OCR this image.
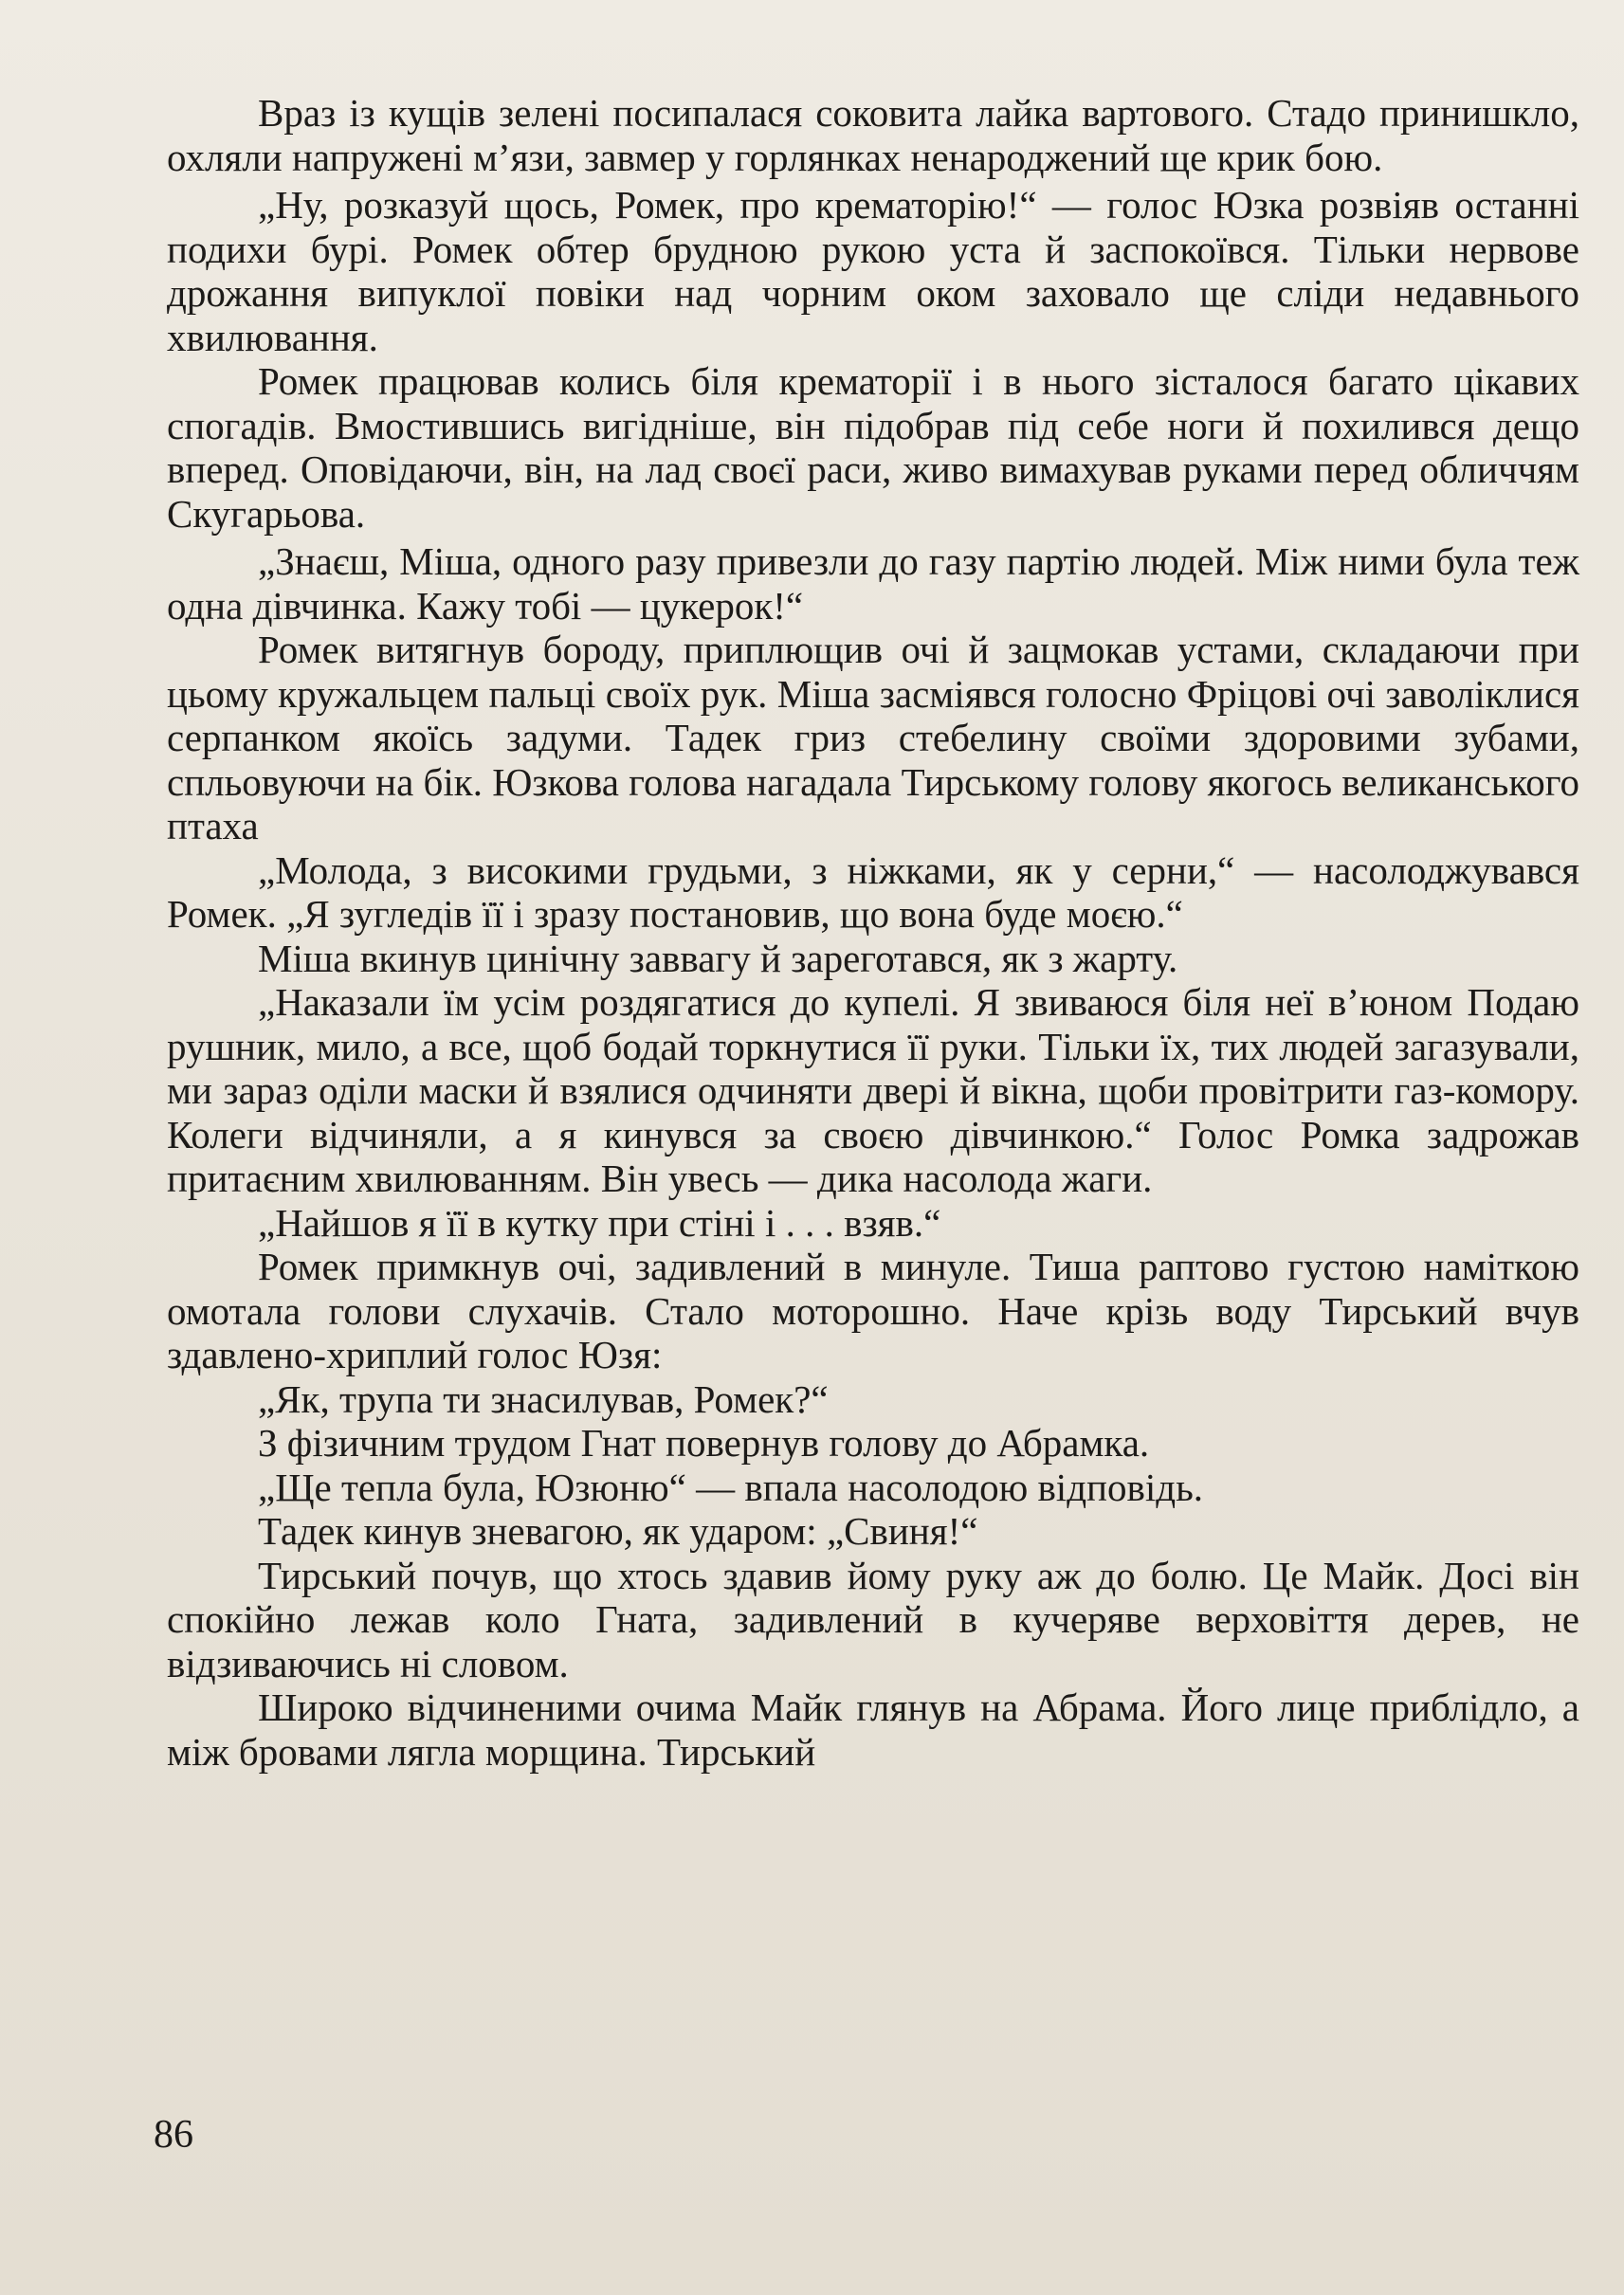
Враз із кущів зелені посипалася соковита лайка вартового. Стадо принишкло, охляли напружені м’язи, завмер у горлянках ненароджений ще крик бою.

„Ну, розказуй щось, Ромек, про крематорію!“ — голос Юзка розвіяв останні подихи бурі. Ромек обтер брудною рукою уста й заспокоївся. Тільки нервове дрожання випуклої повіки над чорним оком заховало ще сліди недавнього хвилювання.

Ромек працював колись біля крематорії і в нього зісталося багато цікавих спогадів. Вмостившись вигідніше, він підобрав під себе ноги й похилився дещо вперед. Оповідаючи, він, на лад своєї раси, живо вимахував руками перед обличчям Скугарьова.

„Знаєш, Міша, одного разу привезли до газу партію людей. Між ними була теж одна дівчинка. Кажу тобі — цукерок!“

Ромек витягнув бороду, приплющив очі й зацмокав устами, складаючи при цьому кружальцем пальці своїх рук. Міша засміявся голосно Фріцові очі заволіклися серпанком якоїсь задуми. Тадек гриз стебелину своїми здоровими зубами, спльовуючи на бік. Юзкова голова нагадала Тирському голову якогось великанського птаха

„Молода, з високими грудьми, з ніжками, як у серни,“ — насолоджувався Ромек. „Я зугледів її і зразу постановив, що вона буде моєю.“

Міша вкинув цинічну заввагу й зареготався, як з жарту.

„Наказали їм усім роздягатися до купелі. Я звиваюся біля неї в’юном Подаю рушник, мило, а все, щоб бодай торкнутися її руки. Тільки їх, тих людей загазували, ми зараз оділи маски й взялися одчиняти двері й вікна, щоби провітрити газ-комору. Колеги відчиняли, а я кинувся за своєю дівчинкою.“ Голос Ромка задрожав притаєним хвилюванням. Він увесь — дика насолода жаги.

„Найшов я її в кутку при стіні і . . . взяв.“

Ромек примкнув очі, задивлений в минуле. Тиша раптово густою наміткою омотала голови слухачів. Стало моторошно. Наче крізь воду Тирський вчув здавлено-хриплий голос Юзя:

„Як, трупа ти знасилував, Ромек?“

З фізичним трудом Гнат повернув голову до Абрамка.

„Ще тепла була, Юзюню“ — впала насолодою відповідь.

Тадек кинув зневагою, як ударом: „Свиня!“

Тирський почув, що хтось здавив йому руку аж до болю. Це Майк. Досі він спокійно лежав коло Гната, задивлений в кучеряве верховіття дерев, не відзиваючись ні словом.

Широко відчиненими очима Майк глянув на Абрама. Його лице приблідло, а між бровами лягла морщина. Тирський

86
